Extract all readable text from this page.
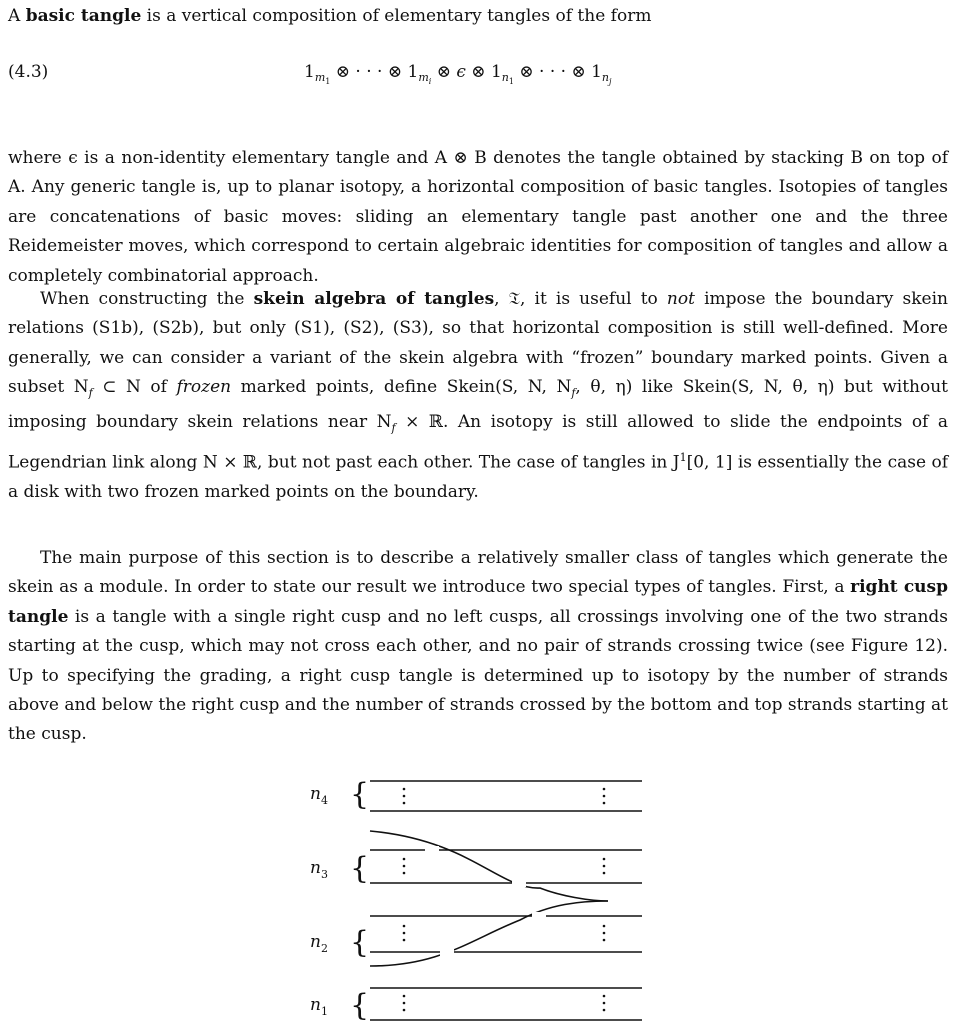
A basic tangle is a vertical composition of elementary tangles of the form

(4.3)	$1_{m_1}$ ⊗ · · · ⊗ $1_{m_i}$ ⊗ ϵ ⊗ $1_{n_1}$ ⊗ · · · ⊗ $1_{n_j}$

where ϵ is a non-identity elementary tangle and A ⊗ B denotes the tangle obtained by stacking B on top of A. Any generic tangle is, up to planar isotopy, a horizontal composition of basic tangles. Isotopies of tangles are concatenations of basic moves: sliding an elementary tangle past another one and the three Reidemeister moves, which correspond to certain algebraic identities for composition of tangles and allow a completely combinatorial approach.

When constructing the skein algebra of tangles, 𝔗, it is useful to not impose the boundary skein relations (S1b), (S2b), but only (S1), (S2), (S3), so that horizontal composition is still well-defined. More generally, we can consider a variant of the skein algebra with “frozen” boundary marked points. Given a subset $N_f$ ⊂ N of frozen marked points, define Skein(S, N, $N_f$, θ, η) like Skein(S, N, θ, η) but without imposing boundary skein relations near $N_f$ × ℝ. An isotopy is still allowed to slide the endpoints of a Legendrian link along N × ℝ, but not past each other. The case of tangles in $J^1[0$, 1] is essentially the case of a disk with two frozen marked points on the boundary.

The main purpose of this section is to describe a relatively smaller class of tangles which generate the skein as a module. In order to state our result we introduce two special types of tangles. First, a right cusp tangle is a tangle with a single right cusp and no left cusps, all crossings involving one of the two strands starting at the cusp, which may not cross each other, and no pair of strands crossing twice (see Figure 12). Up to specifying the grading, a right cusp tangle is determined up to isotopy by the number of strands above and below the right cusp and the number of strands crossed by the bottom and top strands starting at the cusp.

$n_4$
$n_3$
$n_2$
$n_1$
{
{
{
{
